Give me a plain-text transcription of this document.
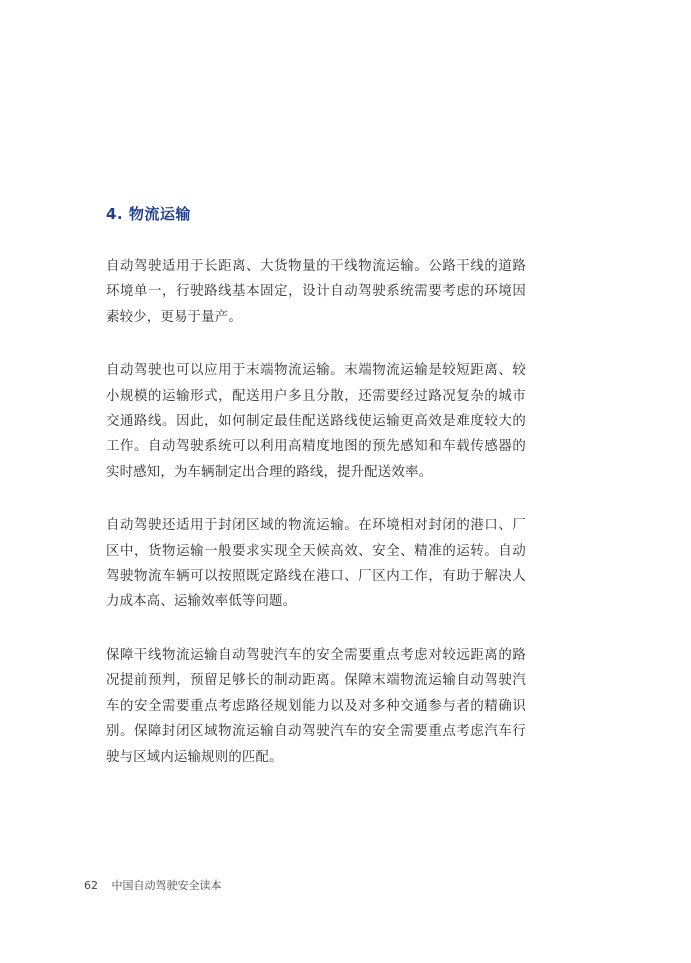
4. 物流运输

自动驾驶适用于长距离、大货物量的干线物流运输。公路干线的道路环境单一，行驶路线基本固定，设计自动驾驶系统需要考虑的环境因素较少，更易于量产。

自动驾驶也可以应用于末端物流运输。末端物流运输是较短距离、较小规模的运输形式，配送用户多且分散，还需要经过路况复杂的城市交通路线。因此，如何制定最佳配送路线使运输更高效是难度较大的工作。自动驾驶系统可以利用高精度地图的预先感知和车载传感器的实时感知，为车辆制定出合理的路线，提升配送效率。

自动驾驶还适用于封闭区域的物流运输。在环境相对封闭的港口、厂区中，货物运输一般要求实现全天候高效、安全、精准的运转。自动驾驶物流车辆可以按照既定路线在港口、厂区内工作，有助于解决人力成本高、运输效率低等问题。

保障干线物流运输自动驾驶汽车的安全需要重点考虑对较远距离的路况提前预判，预留足够长的制动距离。保障末端物流运输自动驾驶汽车的安全需要重点考虑路径规划能力以及对多种交通参与者的精确识别。保障封闭区域物流运输自动驾驶汽车的安全需要重点考虑汽车行驶与区域内运输规则的匹配。

62 中国自动驾驶安全读本
